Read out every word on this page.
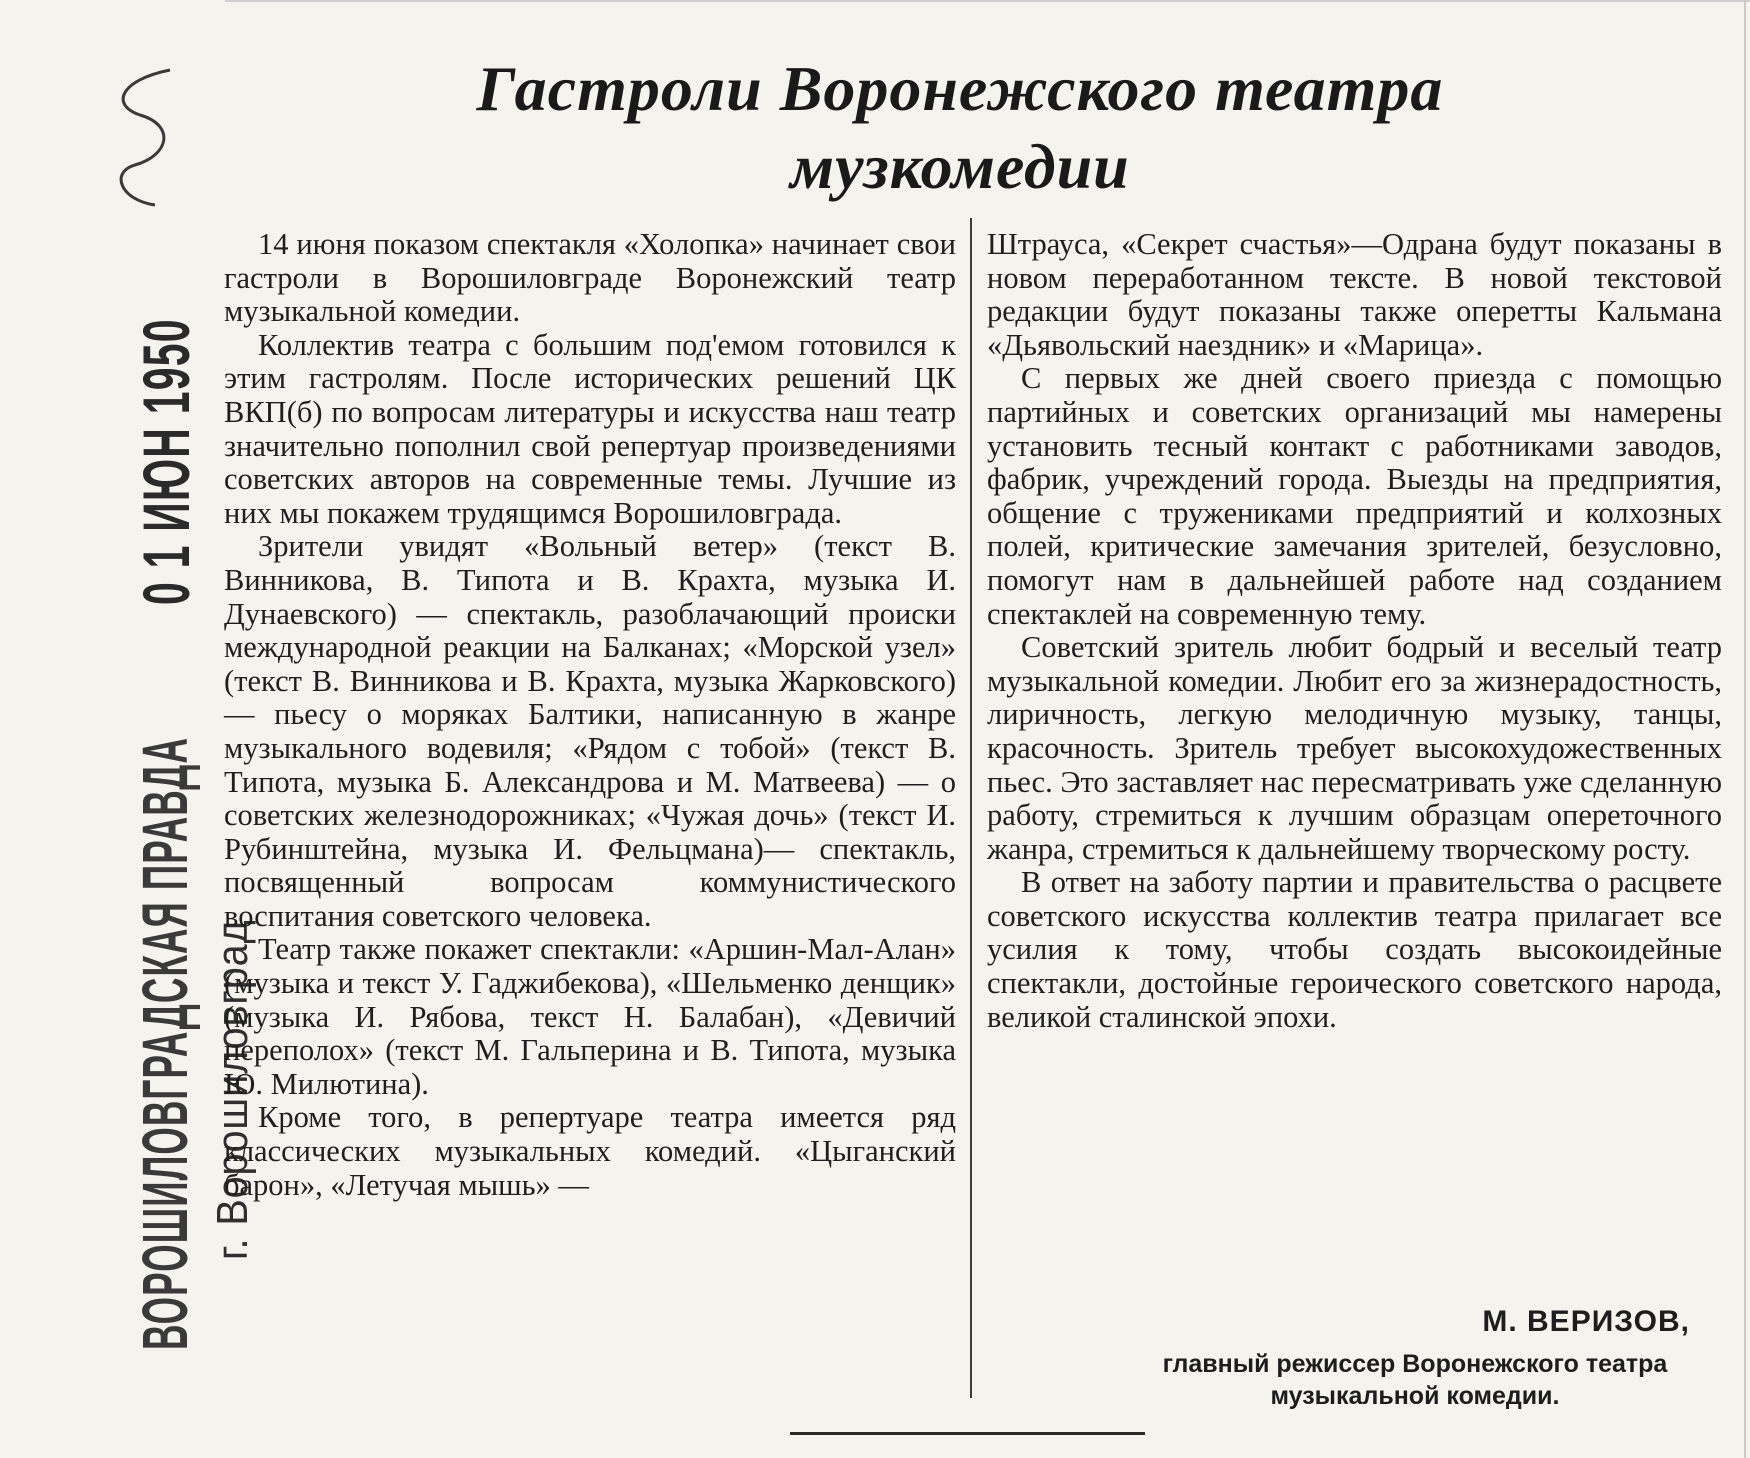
0 1 ИЮН 1950
ВОРОШИЛОВГРАДСКАЯ ПРАВДА г. Ворошиловград
Гастроли Воронежского театра
музкомедии

14 июня показом спектакля «Холопка» начинает свои гастроли в Ворошиловграде Воронежский театр музыкальной комедии.

Коллектив театра с большим под'емом готовился к этим гастролям. После исторических решений ЦК ВКП(б) по вопросам литературы и искусства наш театр значительно пополнил свой репертуар произведениями советских авторов на современные темы. Лучшие из них мы покажем трудящимся Ворошиловграда.

Зрители увидят «Вольный ветер» (текст В. Винникова, В. Типота и В. Крахта, музыка И. Дунаевского) — спектакль, разоблачающий происки международной реакции на Балканах; «Морской узел» (текст В. Винникова и В. Крахта, музыка Жарковского) — пьесу о моряках Балтики, написанную в жанре музыкального водевиля; «Рядом с тобой» (текст В. Типота, музыка Б. Александрова и М. Матвеева) — о советских железнодорожниках; «Чужая дочь» (текст И. Рубинштейна, музыка И. Фельцмана)— спектакль, посвященный вопросам коммунистического воспитания советского человека.

Театр также покажет спектакли: «Аршин-Мал-Алан» (музыка и текст У. Гаджибекова), «Шельменко денщик» (музыка И. Рябова, текст Н. Балабан), «Девичий переполох» (текст М. Гальперина и В. Типота, музыка Ю. Милютина).

Кроме того, в репертуаре театра имеется ряд классических музыкальных комедий. «Цыганский барон», «Летучая мышь» —

Штрауса, «Секрет счастья»—Одрана будут показаны в новом переработанном тексте. В новой текстовой редакции будут показаны также оперетты Кальмана «Дьявольский наездник» и «Марица».

С первых же дней своего приезда с помощью партийных и советских организаций мы намерены установить тесный контакт с работниками заводов, фабрик, учреждений города. Выезды на предприятия, общение с тружениками предприятий и колхозных полей, критические замечания зрителей, безусловно, помогут нам в дальнейшей работе над созданием спектаклей на современную тему.

Советский зритель любит бодрый и веселый театр музыкальной комедии. Любит его за жизнерадостность, лиричность, легкую мелодичную музыку, танцы, красочность. Зритель требует высокохудожественных пьес. Это заставляет нас пересматривать уже сделанную работу, стремиться к лучшим образцам опереточного жанра, стремиться к дальнейшему творческому росту.

В ответ на заботу партии и правительства о расцвете советского искусства коллектив театра прилагает все усилия к тому, чтобы создать высокоидейные спектакли, достойные героического советского народа, великой сталинской эпохи.

М. ВЕРИЗОВ,
главный режиссер Воронежского театра музыкальной комедии.
